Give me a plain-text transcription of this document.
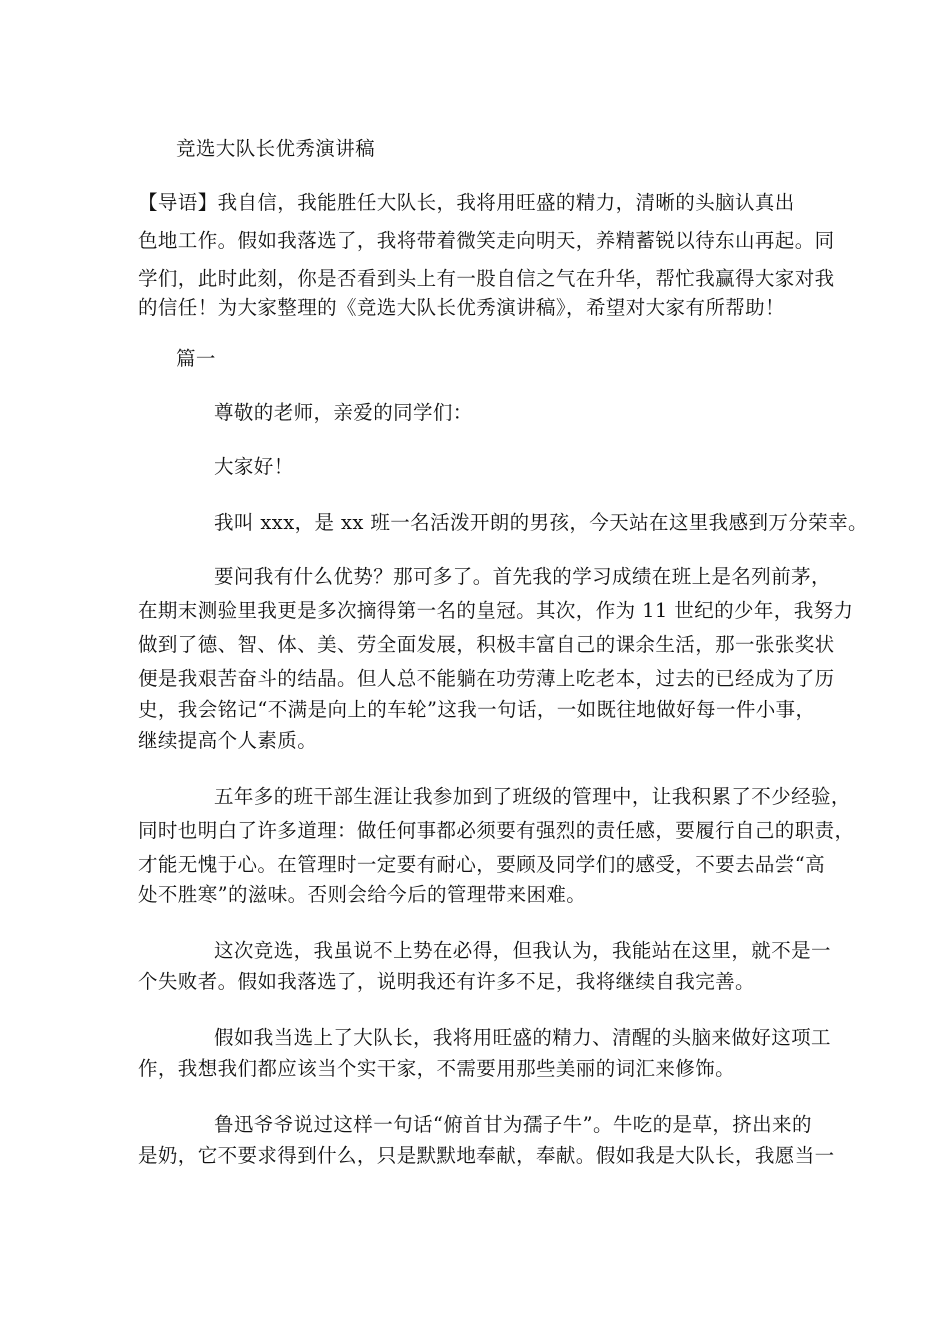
竞选大队长优秀演讲稿
【导语】我自信，我能胜任大队长，我将用旺盛的精力，清晰的头脑认真出
色地工作。假如我落选了，我将带着微笑走向明天，养精蓄锐以待东山再起。同
学们，此时此刻，你是否看到头上有一股自信之气在升华，帮忙我赢得大家对我
的信任！为大家整理的《竞选大队长优秀演讲稿》，希望对大家有所帮助！
篇一
尊敬的老师，亲爱的同学们：
大家好！
我叫 xxx，是 xx 班一名活泼开朗的男孩，今天站在这里我感到万分荣幸。
要问我有什么优势？那可多了。首先我的学习成绩在班上是名列前茅，
在期末测验里我更是多次摘得第一名的皇冠。其次，作为 11 世纪的少年，我努力
做到了德、智、体、美、劳全面发展，积极丰富自己的课余生活，那一张张奖状
便是我艰苦奋斗的结晶。但人总不能躺在功劳薄上吃老本，过去的已经成为了历
史，我会铭记“不满是向上的车轮”这我一句话，一如既往地做好每一件小事，
继续提高个人素质。
五年多的班干部生涯让我参加到了班级的管理中，让我积累了不少经验，
同时也明白了许多道理：做任何事都必须要有强烈的责任感，要履行自己的职责，
才能无愧于心。在管理时一定要有耐心，要顾及同学们的感受，不要去品尝“高
处不胜寒”的滋味。否则会给今后的管理带来困难。
这次竞选，我虽说不上势在必得，但我认为，我能站在这里，就不是一
个失败者。假如我落选了，说明我还有许多不足，我将继续自我完善。
假如我当选上了大队长，我将用旺盛的精力、清醒的头脑来做好这项工
作，我想我们都应该当个实干家，不需要用那些美丽的词汇来修饰。
鲁迅爷爷说过这样一句话“俯首甘为孺子牛”。牛吃的是草，挤出来的
是奶，它不要求得到什么，只是默默地奉献，奉献。假如我是大队长，我愿当一
